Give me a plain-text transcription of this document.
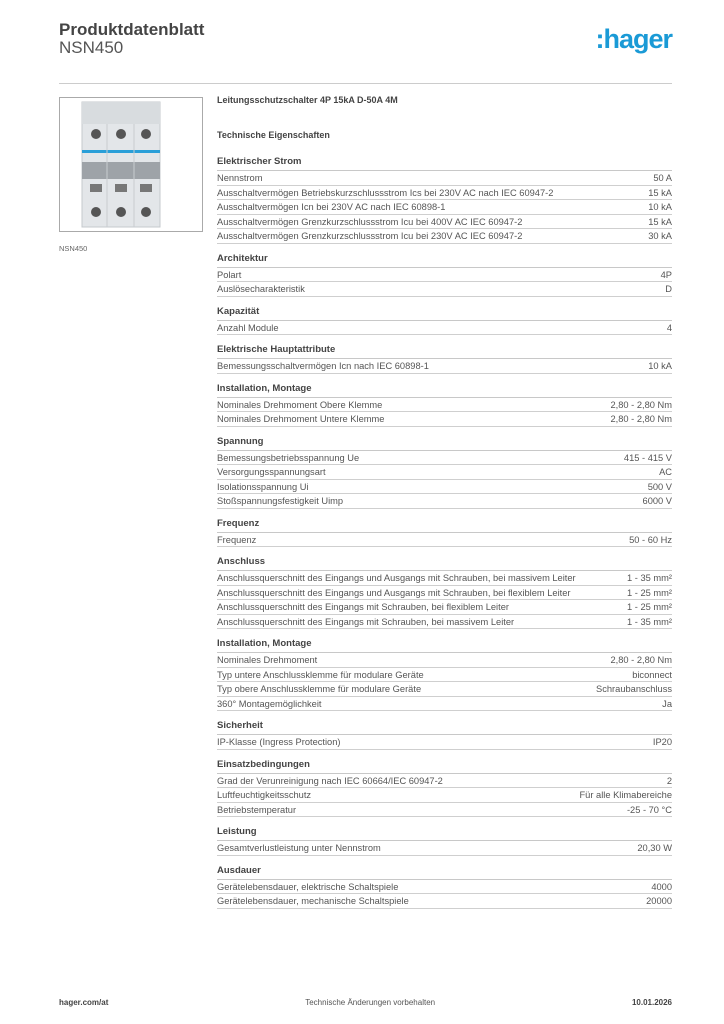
Produktdatenblatt
NSN450	:hager
NSN450
Leitungsschutzschalter 4P 15kA D-50A 4M
Technische Eigenschaften
Elektrischer Strom
Nennstrom	50 A
Ausschaltvermögen Betriebskurzschlussstrom Ics bei 230V AC nach IEC 60947-2	15 kA
Ausschaltvermögen Icn bei 230V AC nach IEC 60898-1	10 kA
Ausschaltvermögen Grenzkurzschlussstrom Icu bei 400V AC IEC 60947-2	15 kA
Ausschaltvermögen Grenzkurzschlussstrom Icu bei 230V AC IEC 60947-2	30 kA
Architektur
Polart	4P
Auslösecharakteristik	D
Kapazität
Anzahl Module	4
Elektrische Hauptattribute
Bemessungsschaltvermögen Icn nach IEC 60898-1	10 kA
Installation, Montage
Nominales Drehmoment Obere Klemme	2,80 - 2,80 Nm
Nominales Drehmoment Untere Klemme	2,80 - 2,80 Nm
Spannung
Bemessungsbetriebsspannung Ue	415 - 415 V
Versorgungsspannungsart	AC
Isolationsspannung Ui	500 V
Stoßspannungsfestigkeit Uimp	6000 V
Frequenz
Frequenz	50 - 60 Hz
Anschluss
Anschlussquerschnitt des Eingangs und Ausgangs mit Schrauben, bei massivem Leiter	1 - 35 mm²
Anschlussquerschnitt des Eingangs und Ausgangs mit Schrauben, bei flexiblem Leiter	1 - 25 mm²
Anschlussquerschnitt des Eingangs mit Schrauben, bei flexiblem Leiter	1 - 25 mm²
Anschlussquerschnitt des Eingangs mit Schrauben, bei massivem Leiter	1 - 35 mm²
Installation, Montage
Nominales Drehmoment	2,80 - 2,80 Nm
Typ untere Anschlussklemme für modulare Geräte	biconnect
Typ obere Anschlussklemme für modulare Geräte	Schraubanschluss
360° Montagemöglichkeit	Ja
Sicherheit
IP-Klasse (Ingress Protection)	IP20
Einsatzbedingungen
Grad der Verunreinigung nach IEC 60664/IEC 60947-2	2
Luftfeuchtigkeitsschutz	Für alle Klimabereiche
Betriebstemperatur	-25 - 70 °C
Leistung
Gesamtverlustleistung unter Nennstrom	20,30 W
Ausdauer
Gerätelebensdauer, elektrische Schaltspiele	4000
Gerätelebensdauer, mechanische Schaltspiele	20000
hager.com/at	Technische Änderungen vorbehalten	10.01.2026
